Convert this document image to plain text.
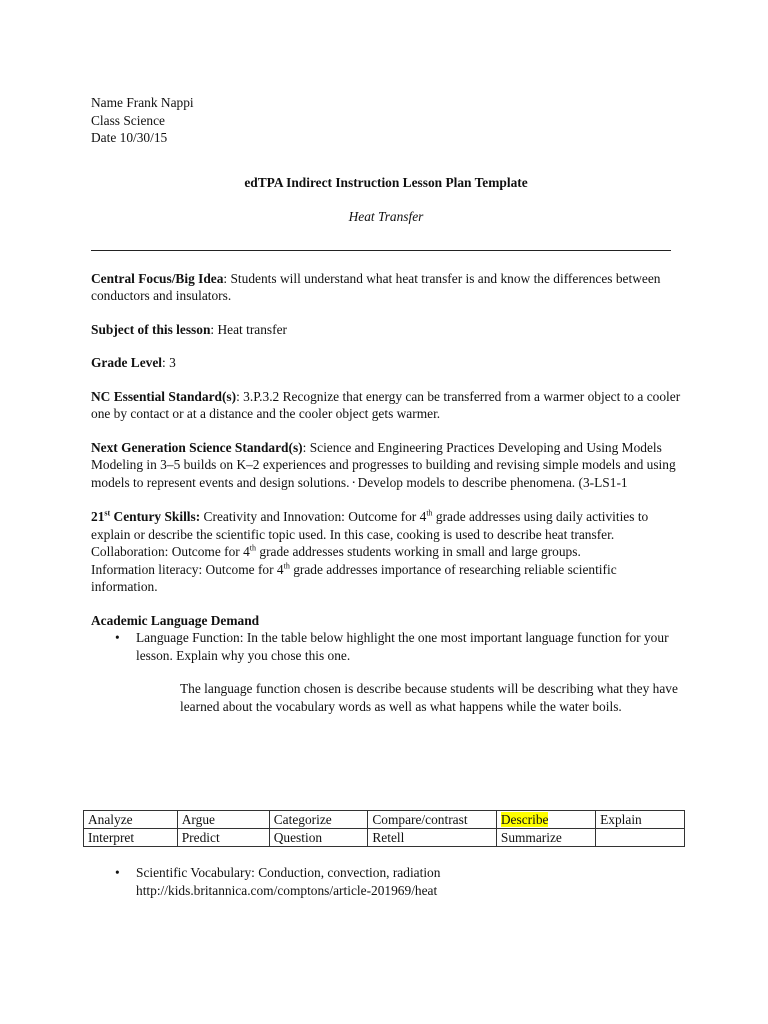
Name Frank Nappi

Class Science

Date 10/30/15

edTPA Indirect Instruction Lesson Plan Template
Heat Transfer
Central Focus/Big Idea: Students will understand what heat transfer is and know the differences between conductors and insulators.
Subject of this lesson: Heat transfer
Grade Level: 3
NC Essential Standard(s): 3.P.3.2 Recognize that energy can be transferred from a warmer object to a cooler one by contact or at a distance and the cooler object gets warmer.
Next Generation Science Standard(s): Science and Engineering Practices Developing and Using Models Modeling in 3–5 builds on K–2 experiences and progresses to building and revising simple models and using models to represent events and design solutions. ▪ Develop models to describe phenomena. (3-LS1-1
21st Century Skills: Creativity and Innovation: Outcome for 4th grade addresses using daily activities to explain or describe the scientific topic used. In this case, cooking is used to describe heat transfer.
Collaboration: Outcome for 4th grade addresses students working in small and large groups.
Information literacy: Outcome for 4th grade addresses importance of researching reliable scientific information.
Academic Language Demand
• Language Function: In the table below highlight the one most important language function for your lesson. Explain why you chose this one.
The language function chosen is describe because students will be describing what they have learned about the vocabulary words as well as what happens while the water boils.
Analyze	Argue	Categorize	Compare/contrast	Describe	Explain
Interpret	Predict	Question	Retell	Summarize	
• Scientific Vocabulary: Conduction, convection, radiation
http://kids.britannica.com/comptons/article-201969/heat
